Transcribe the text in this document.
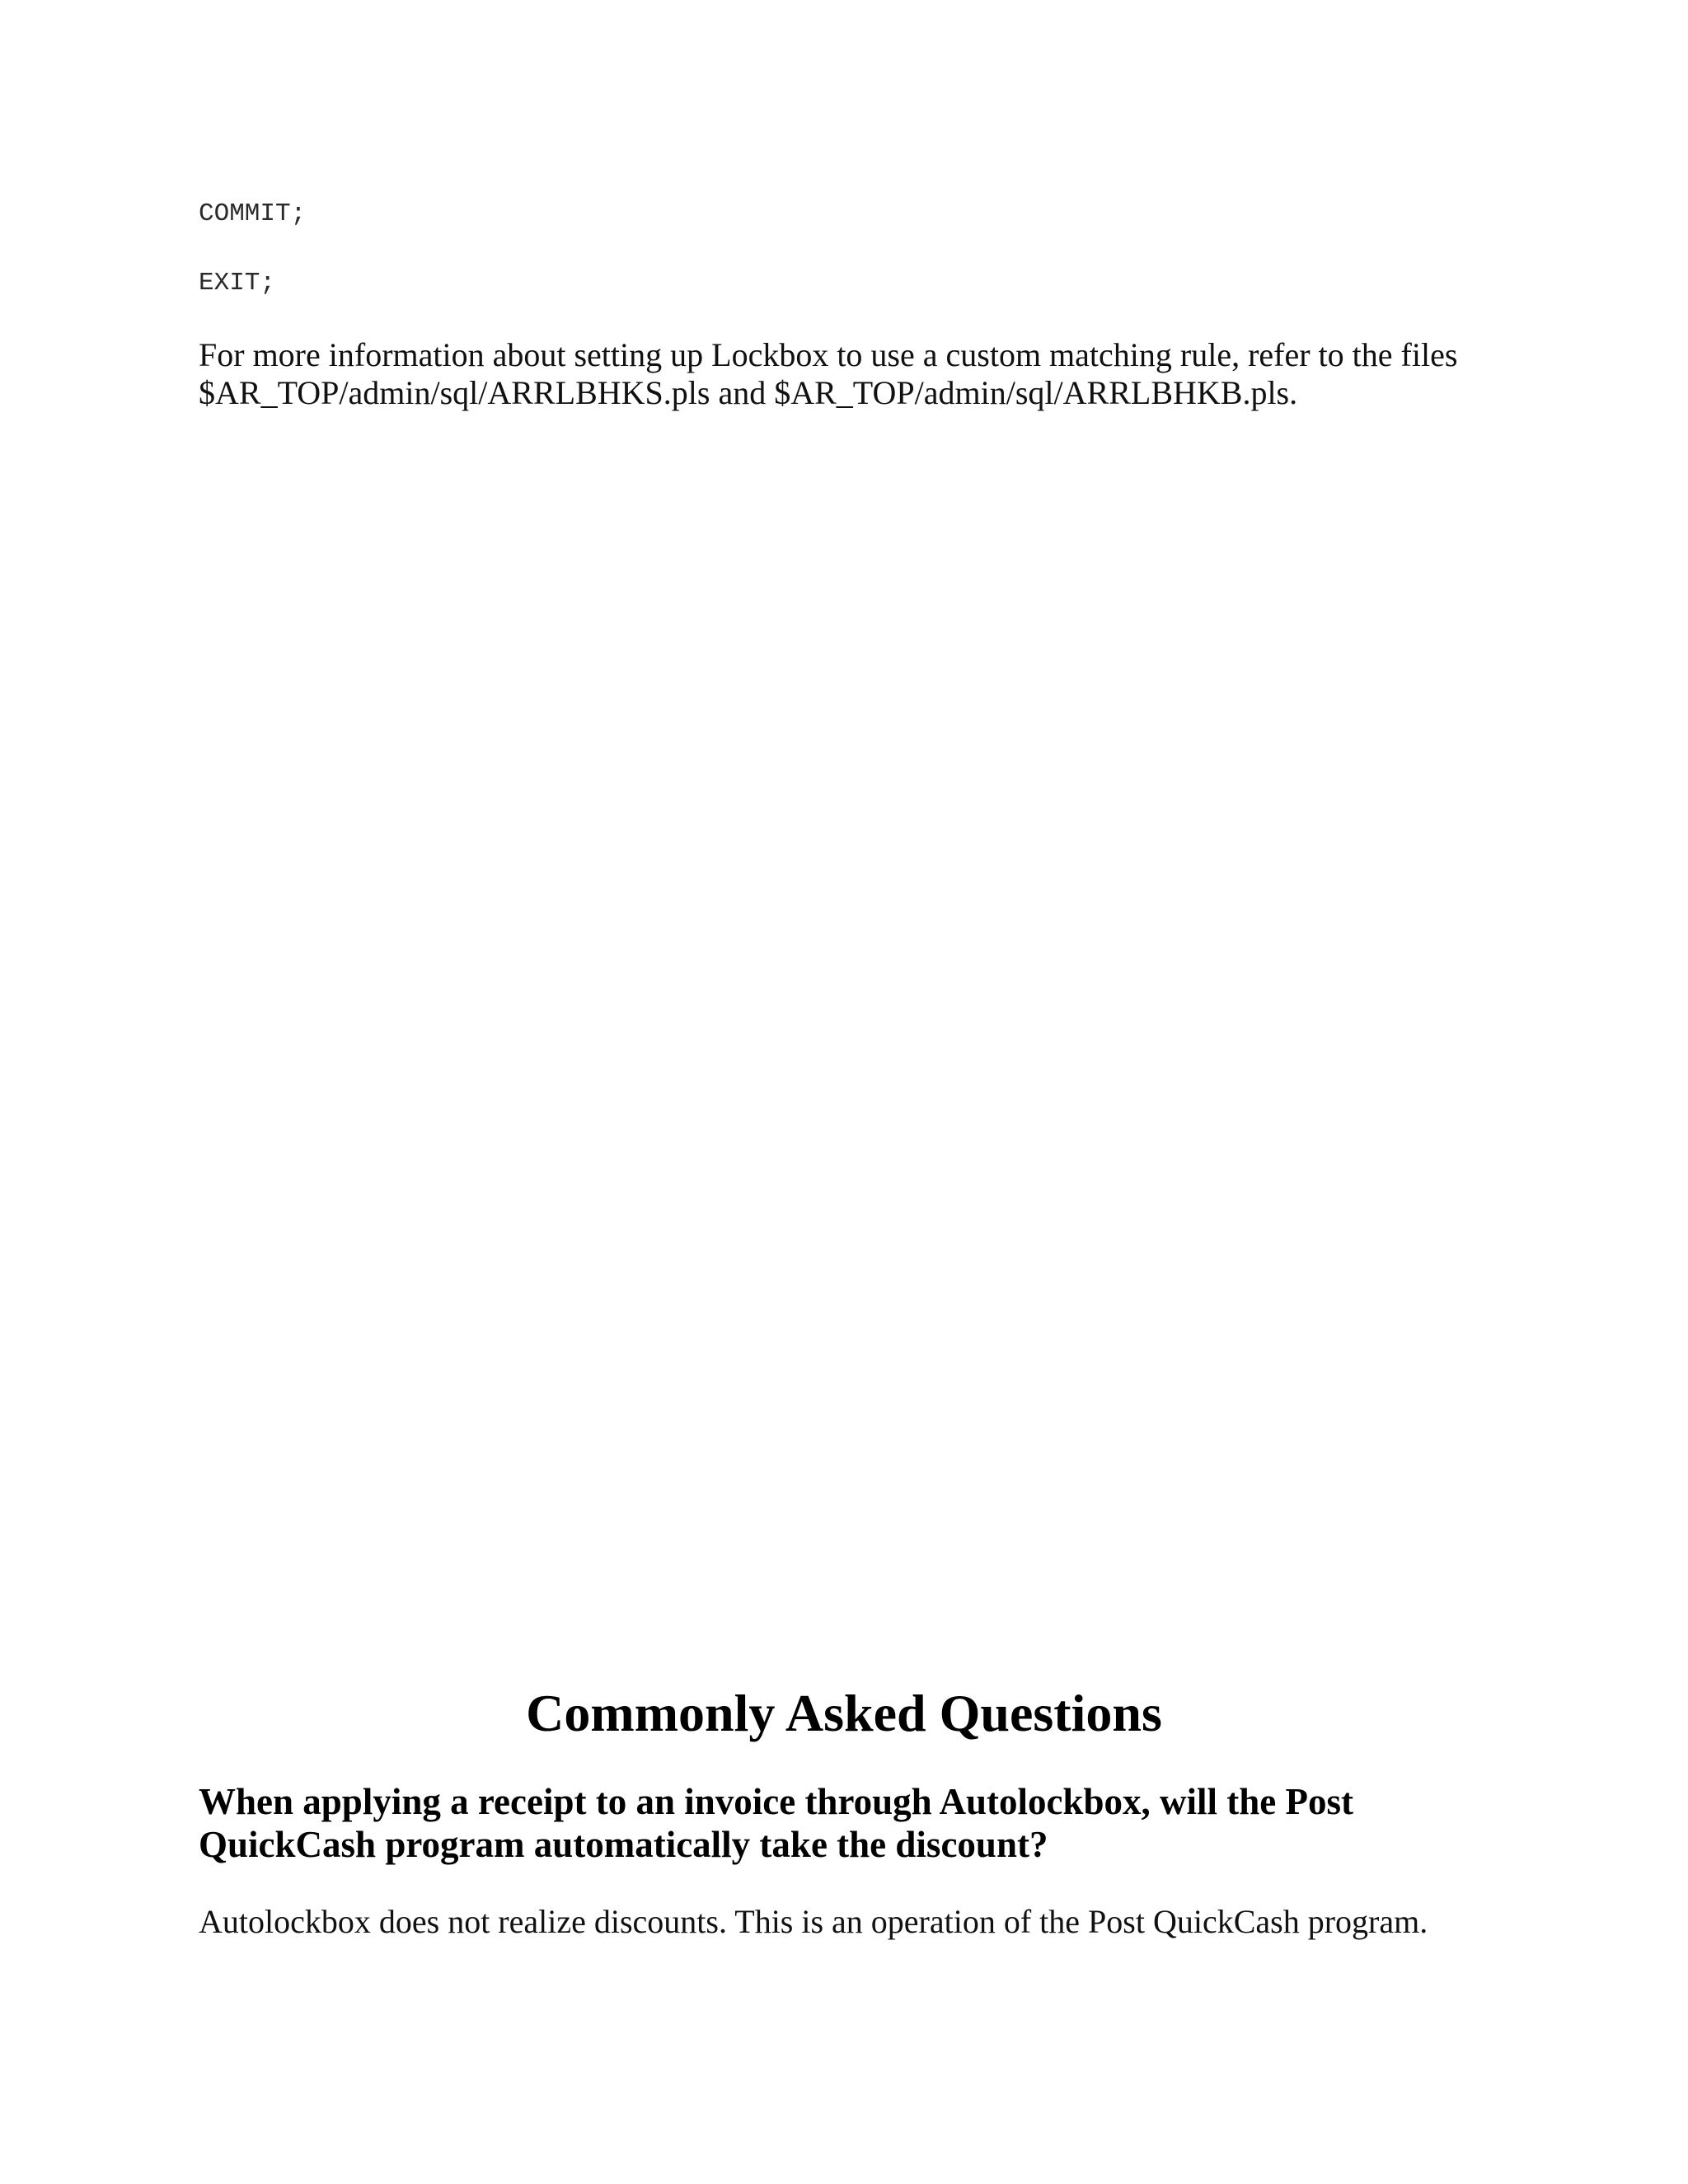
COMMIT;
EXIT;

For more information about setting up Lockbox to use a custom matching rule, refer to the files
$AR_TOP/admin/sql/ARRLBHKS.pls and $AR_TOP/admin/sql/ARRLBHKB.pls.

Commonly Asked Questions
When applying a receipt to an invoice through Autolockbox, will the Post
QuickCash program automatically take the discount?

Autolockbox does not realize discounts. This is an operation of the Post QuickCash program.
